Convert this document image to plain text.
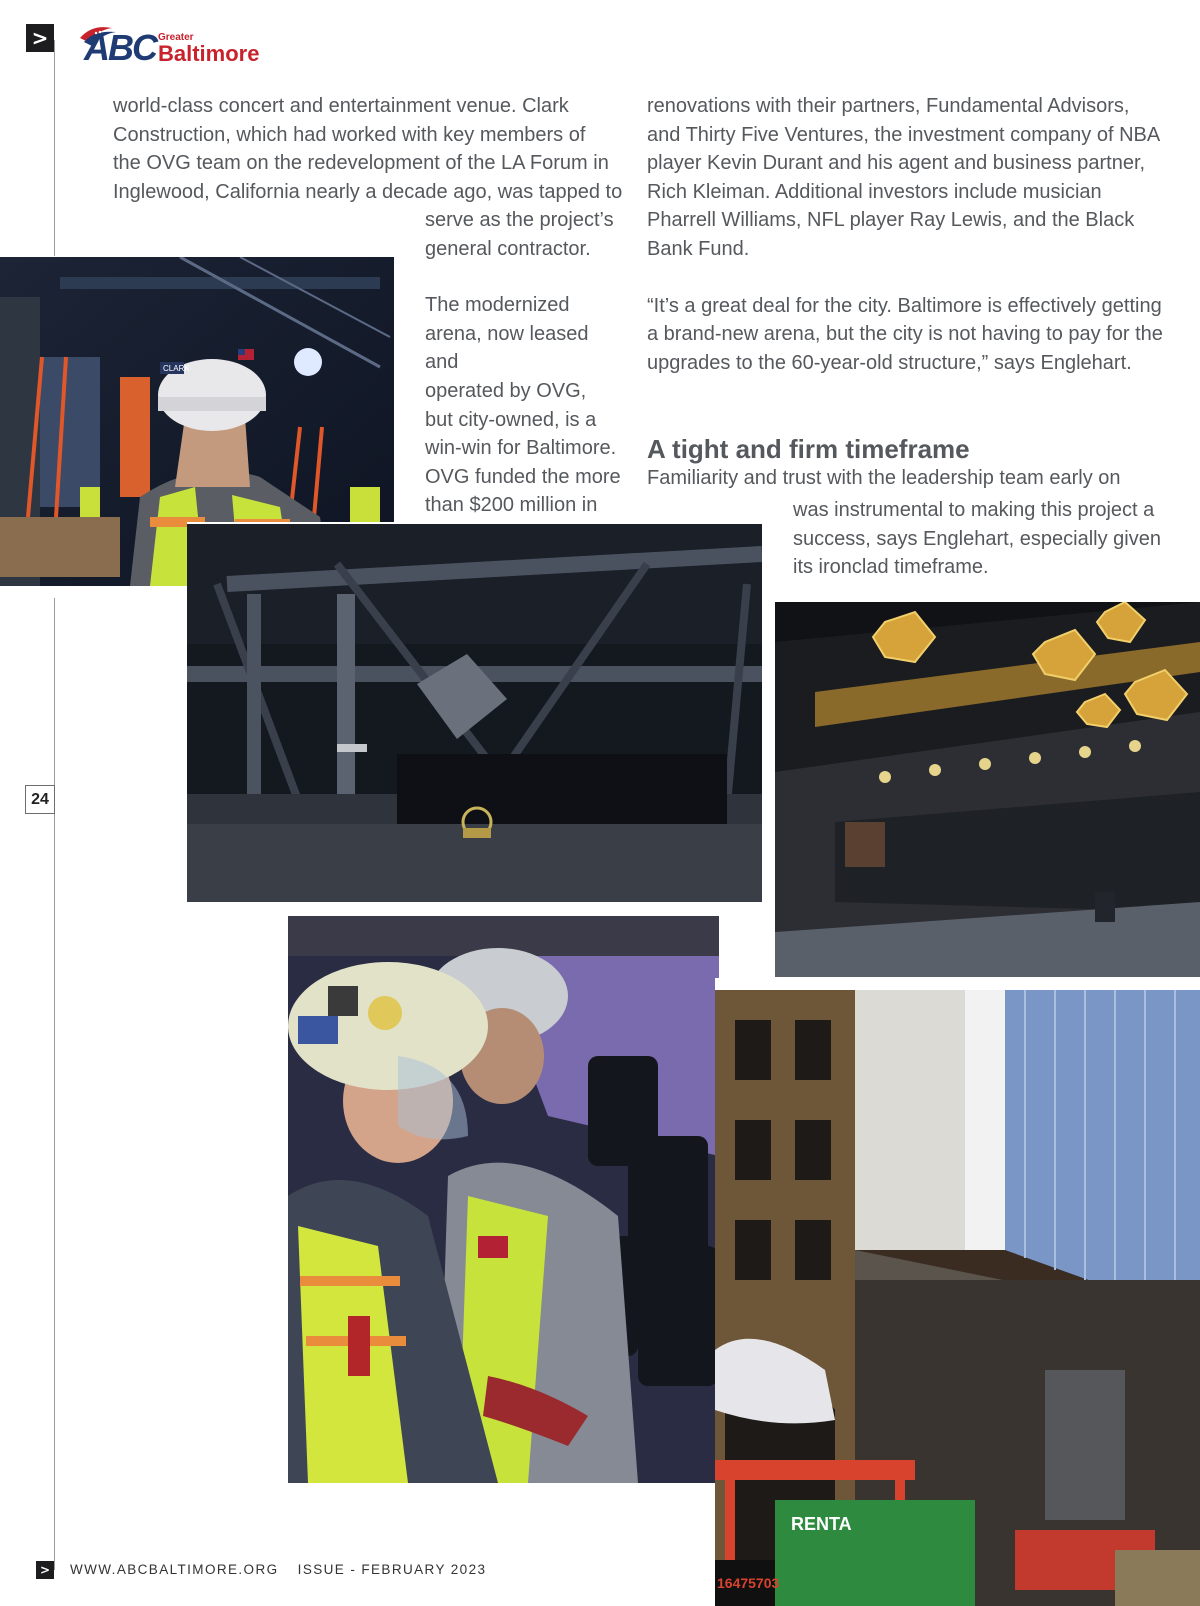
>
24
ABC Greater
Baltimore

world-class concert and entertainment venue. Clark

Construction, which had worked with key members of

the OVG team on the redevelopment of the LA Forum in

Inglewood, California nearly a decade ago, was tapped to

serve as the project’s

general contractor.

The modernized

arena, now leased and

operated by OVG,

but city-owned, is a

win-win for Baltimore.

OVG funded the more

than $200 million in

renovations with their partners, Fundamental Advisors, and Thirty Five Ventures, the investment company of NBA player Kevin Durant and his agent and business partner, Rich Kleiman. Additional investors include musician Pharrell Williams, NFL player Ray Lewis, and the Black Bank Fund.

“It’s a great deal for the city. Baltimore is effectively getting a brand-new arena, but the city is not having to pay for the upgrades to the 60-year-old structure,” says Englehart.

A tight and firm timeframe

Familiarity and trust with the leadership team early on

was instrumental to making this project a

success, says Englehart, especially given

its ironclad timeframe.

CLARK
RENTA
16475703
> WWW.ABCBALTIMORE.ORG ISSUE - FEBRUARY 2023
